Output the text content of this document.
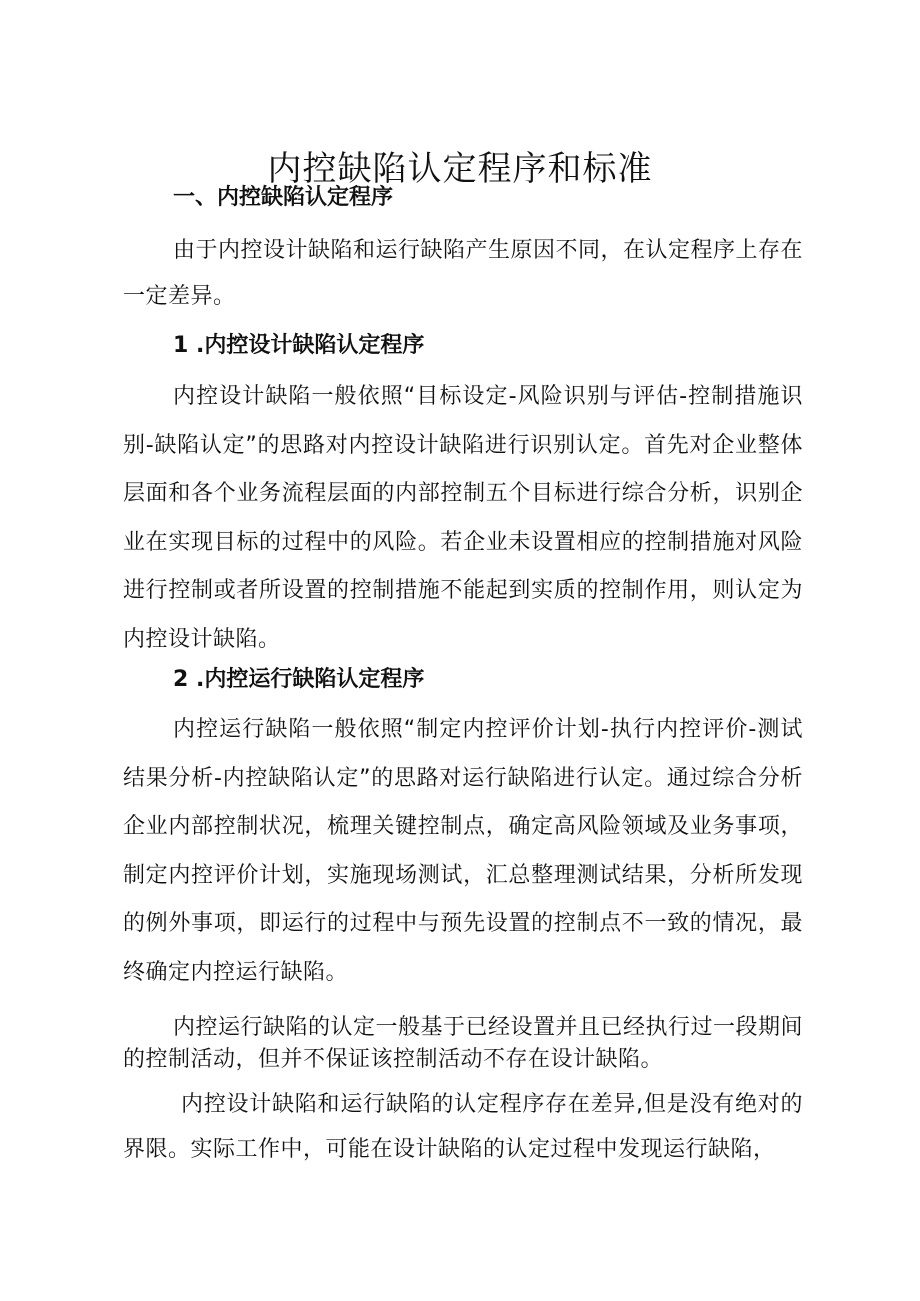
内控缺陷认定程序和标准
一、内控缺陷认定程序

由于内控设计缺陷和运行缺陷产生原因不同，在认定程序上存在一定差异。

1 .内控设计缺陷认定程序

内控设计缺陷一般依照“目标设定-风险识别与评估-控制措施识别-缺陷认定”的思路对内控设计缺陷进行识别认定。首先对企业整体层面和各个业务流程层面的内部控制五个目标进行综合分析，识别企业在实现目标的过程中的风险。若企业未设置相应的控制措施对风险进行控制或者所设置的控制措施不能起到实质的控制作用，则认定为内控设计缺陷。

2 .内控运行缺陷认定程序

内控运行缺陷一般依照“制定内控评价计划-执行内控评价-测试结果分析-内控缺陷认定”的思路对运行缺陷进行认定。通过综合分析企业内部控制状况，梳理关键控制点，确定高风险领域及业务事项，制定内控评价计划，实施现场测试，汇总整理测试结果，分析所发现的例外事项，即运行的过程中与预先设置的控制点不一致的情况，最终确定内控运行缺陷。

内控运行缺陷的认定一般基于已经设置并且已经执行过一段期间的控制活动，但并不保证该控制活动不存在设计缺陷。

内控设计缺陷和运行缺陷的认定程序存在差异,但是没有绝对的界限。实际工作中，可能在设计缺陷的认定过程中发现运行缺陷，
